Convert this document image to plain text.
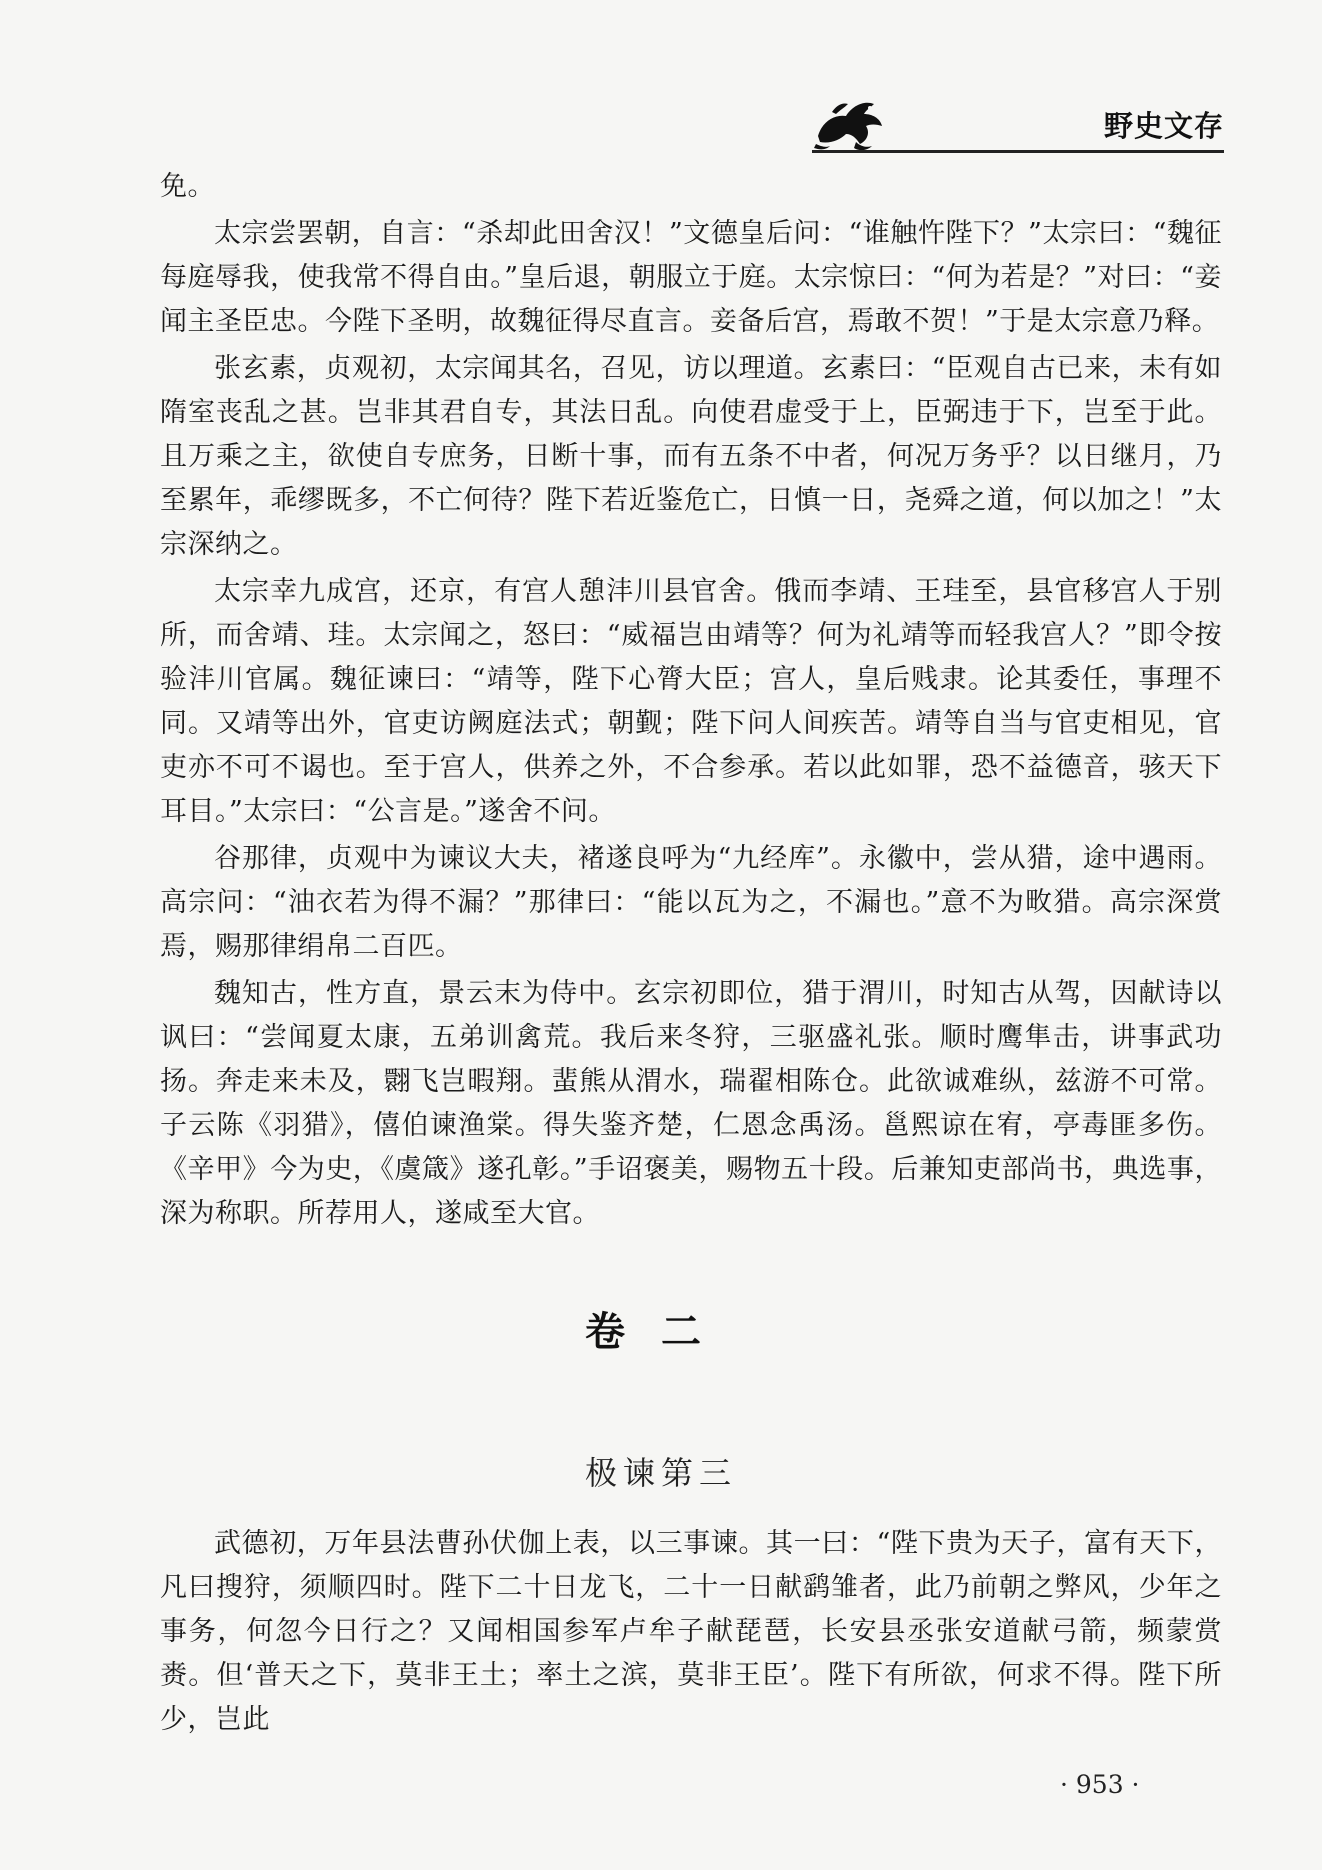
野史文存

免。

太宗尝罢朝，自言：“杀却此田舍汉！”文德皇后问：“谁触忤陛下？”太宗曰：“魏征每庭辱我，使我常不得自由。”皇后退，朝服立于庭。太宗惊曰：“何为若是？”对曰：“妾闻主圣臣忠。今陛下圣明，故魏征得尽直言。妾备后宫，焉敢不贺！”于是太宗意乃释。

张玄素，贞观初，太宗闻其名，召见，访以理道。玄素曰：“臣观自古已来，未有如隋室丧乱之甚。岂非其君自专，其法日乱。向使君虚受于上，臣弼违于下，岂至于此。且万乘之主，欲使自专庶务，日断十事，而有五条不中者，何况万务乎？以日继月，乃至累年，乖缪既多，不亡何待？陛下若近鉴危亡，日慎一日，尧舜之道，何以加之！”太宗深纳之。

太宗幸九成宫，还京，有宫人憩沣川县官舍。俄而李靖、王珪至，县官移宫人于别所，而舍靖、珪。太宗闻之，怒曰：“威福岂由靖等？何为礼靖等而轻我宫人？”即令按验沣川官属。魏征谏曰：“靖等，陛下心膂大臣；宫人，皇后贱隶。论其委任，事理不同。又靖等出外，官吏访阙庭法式；朝觐；陛下问人间疾苦。靖等自当与官吏相见，官吏亦不可不谒也。至于宫人，供养之外，不合参承。若以此如罪，恐不益德音，骇天下耳目。”太宗曰：“公言是。”遂舍不问。

谷那律，贞观中为谏议大夫，褚遂良呼为“九经库”。永徽中，尝从猎，途中遇雨。高宗问：“油衣若为得不漏？”那律曰：“能以瓦为之，不漏也。”意不为畋猎。高宗深赏焉，赐那律绢帛二百匹。

魏知古，性方直，景云末为侍中。玄宗初即位，猎于渭川，时知古从驾，因献诗以讽曰：“尝闻夏太康，五弟训禽荒。我后来冬狩，三驱盛礼张。顺时鹰隼击，讲事武功扬。奔走来未及，翾飞岂暇翔。蜚熊从渭水，瑞翟相陈仓。此欲诚难纵，兹游不可常。子云陈《羽猎》，僖伯谏渔棠。得失鉴齐楚，仁恩念禹汤。邕熙谅在宥，亭毒匪多伤。《辛甲》今为史，《虞箴》遂孔彰。”手诏褒美，赐物五十段。后兼知吏部尚书，典选事，深为称职。所荐用人，遂咸至大官。

卷二
极谏第三

武德初，万年县法曹孙伏伽上表，以三事谏。其一曰：“陛下贵为天子，富有天下，凡曰搜狩，须顺四时。陛下二十日龙飞，二十一日献鹞雏者，此乃前朝之弊风，少年之事务，何忽今日行之？又闻相国参军卢牟子献琵琶，长安县丞张安道献弓箭，频蒙赏赉。但‘普天之下，莫非王土；率土之滨，莫非王臣’。陛下有所欲，何求不得。陛下所少，岂此

· 953 ·
